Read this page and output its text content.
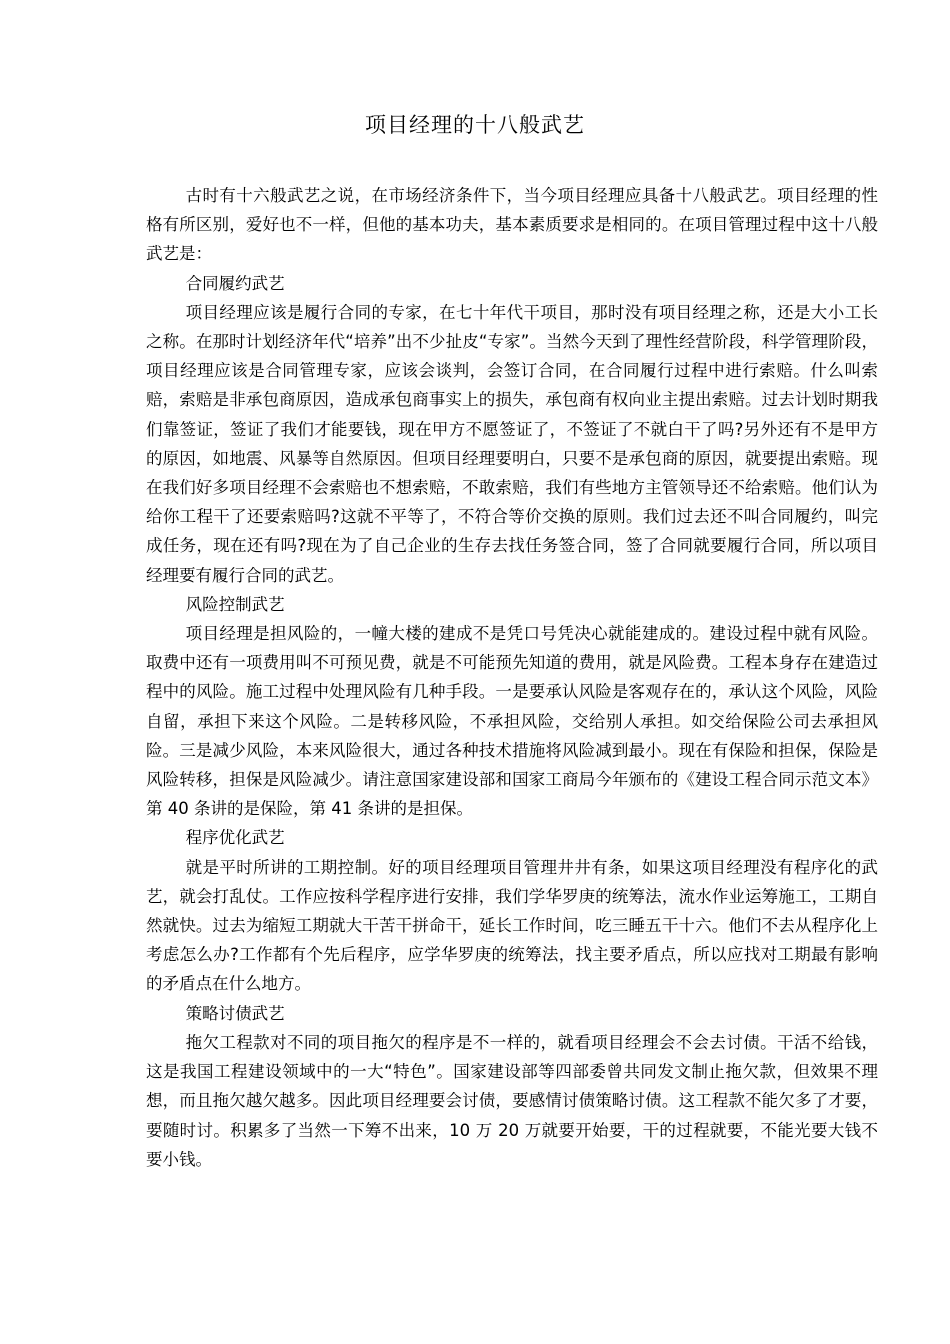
项目经理的十八般武艺

古时有十六般武艺之说，在市场经济条件下，当今项目经理应具备十八般武艺。项目经理的性格有所区别，爱好也不一样，但他的基本功夫，基本素质要求是相同的。在项目管理过程中这十八般武艺是：

合同履约武艺

项目经理应该是履行合同的专家，在七十年代干项目，那时没有项目经理之称，还是大小工长之称。在那时计划经济年代“培养”出不少扯皮“专家”。当然今天到了理性经营阶段，科学管理阶段，项目经理应该是合同管理专家，应该会谈判，会签订合同，在合同履行过程中进行索赔。什么叫索赔，索赔是非承包商原因，造成承包商事实上的损失，承包商有权向业主提出索赔。过去计划时期我们靠签证，签证了我们才能要钱，现在甲方不愿签证了，不签证了不就白干了吗?另外还有不是甲方的原因，如地震、风暴等自然原因。但项目经理要明白，只要不是承包商的原因，就要提出索赔。现在我们好多项目经理不会索赔也不想索赔，不敢索赔，我们有些地方主管领导还不给索赔。他们认为给你工程干了还要索赔吗?这就不平等了，不符合等价交换的原则。我们过去还不叫合同履约，叫完成任务，现在还有吗?现在为了自己企业的生存去找任务签合同，签了合同就要履行合同，所以项目经理要有履行合同的武艺。

风险控制武艺

项目经理是担风险的，一幢大楼的建成不是凭口号凭决心就能建成的。建设过程中就有风险。取费中还有一项费用叫不可预见费，就是不可能预先知道的费用，就是风险费。工程本身存在建造过程中的风险。施工过程中处理风险有几种手段。一是要承认风险是客观存在的，承认这个风险，风险自留，承担下来这个风险。二是转移风险，不承担风险，交给别人承担。如交给保险公司去承担风险。三是减少风险，本来风险很大，通过各种技术措施将风险减到最小。现在有保险和担保，保险是风险转移，担保是风险减少。请注意国家建设部和国家工商局今年颁布的《建设工程合同示范文本》第 40 条讲的是保险，第 41 条讲的是担保。

程序优化武艺

就是平时所讲的工期控制。好的项目经理项目管理井井有条，如果这项目经理没有程序化的武艺，就会打乱仗。工作应按科学程序进行安排，我们学华罗庚的统筹法，流水作业运筹施工，工期自然就快。过去为缩短工期就大干苦干拼命干，延长工作时间，吃三睡五干十六。他们不去从程序化上考虑怎么办?工作都有个先后程序，应学华罗庚的统筹法，找主要矛盾点，所以应找对工期最有影响的矛盾点在什么地方。

策略讨债武艺

拖欠工程款对不同的项目拖欠的程序是不一样的，就看项目经理会不会去讨债。干活不给钱，这是我国工程建设领域中的一大“特色”。国家建设部等四部委曾共同发文制止拖欠款，但效果不理想，而且拖欠越欠越多。因此项目经理要会讨债，要感情讨债策略讨债。这工程款不能欠多了才要，要随时讨。积累多了当然一下筹不出来，10 万 20 万就要开始要，干的过程就要，不能光要大钱不要小钱。
